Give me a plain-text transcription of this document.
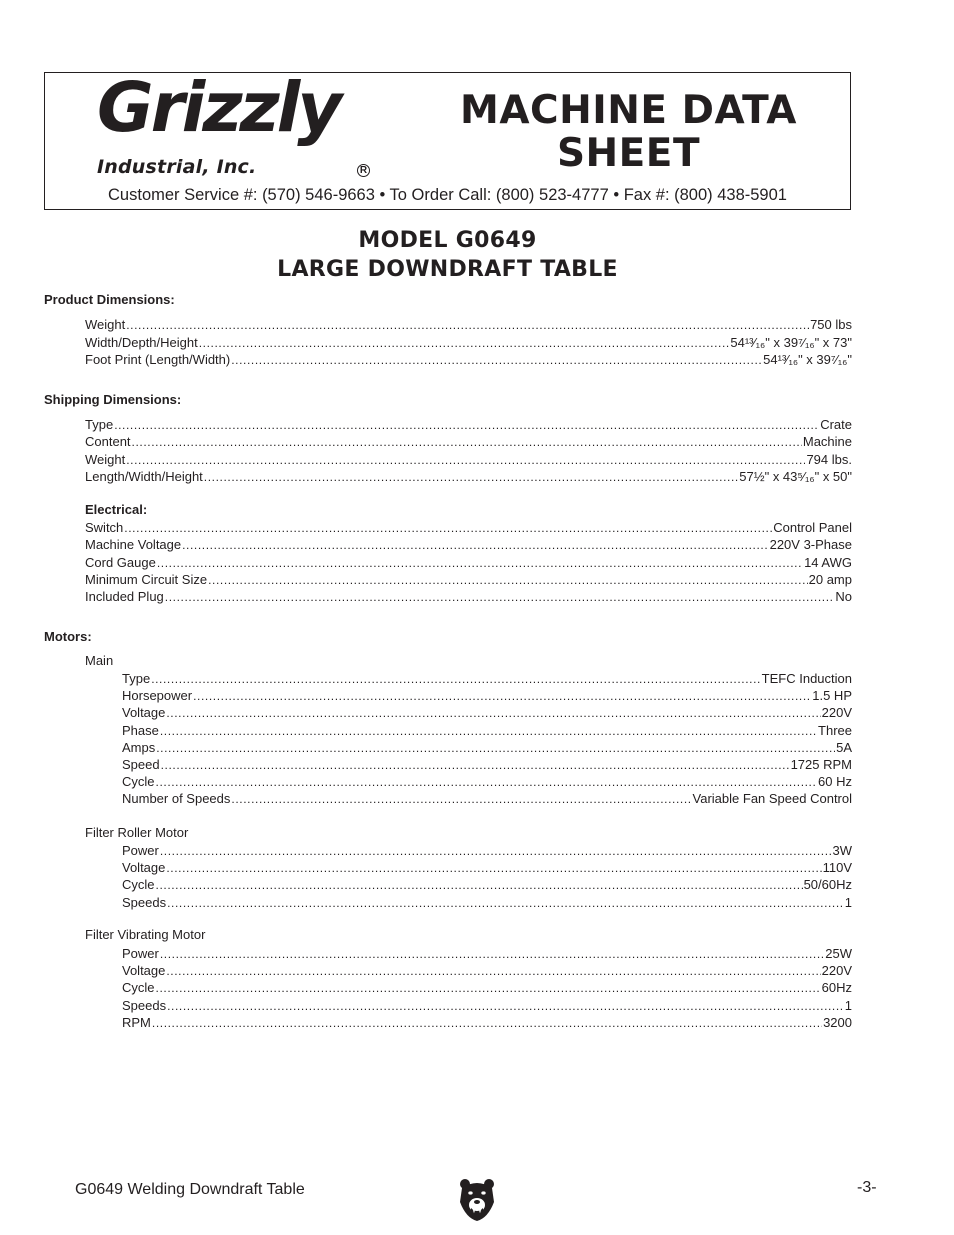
Grizzly
Industrial, Inc.	R
MACHINE DATA
SHEET
Customer Service #: (570) 546-9663 • To Order Call: (800) 523-4777 • Fax #: (800) 438-5901
MODEL G0649
LARGE DOWNDRAFT TABLE
Product Dimensions:
Weight .....	750 lbs
Width/Depth/Height .....	54¹³⁄₁₆" x 39⁷⁄₁₆" x 73"
Foot Print (Length/Width) .....	54¹³⁄₁₆" x 39⁷⁄₁₆"
Shipping Dimensions:
Type .....	Crate
Content .....	Machine
Weight .....	794 lbs.
Length/Width/Height .....	57½" x 43⁵⁄₁₆" x 50"
Electrical:
Switch .....	Control Panel
Machine Voltage .....	220V 3-Phase
Cord Gauge .....	14 AWG
Minimum Circuit Size .....	20 amp
Included Plug .....	No
Motors:
Main
Type .....	TEFC Induction
Horsepower .....	1.5 HP
Voltage .....	220V
Phase .....	Three
Amps .....	5A
Speed .....	1725 RPM
Cycle .....	60 Hz
Number of Speeds .....	Variable Fan Speed Control
Filter Roller Motor
Power .....	3W
Voltage .....	110V
Cycle .....	50/60Hz
Speeds .....	1
Filter Vibrating Motor
Power .....	25W
Voltage .....	220V
Cycle .....	60Hz
Speeds .....	1
RPM .....	3200
G0649 Welding Downdraft Table	-3-
